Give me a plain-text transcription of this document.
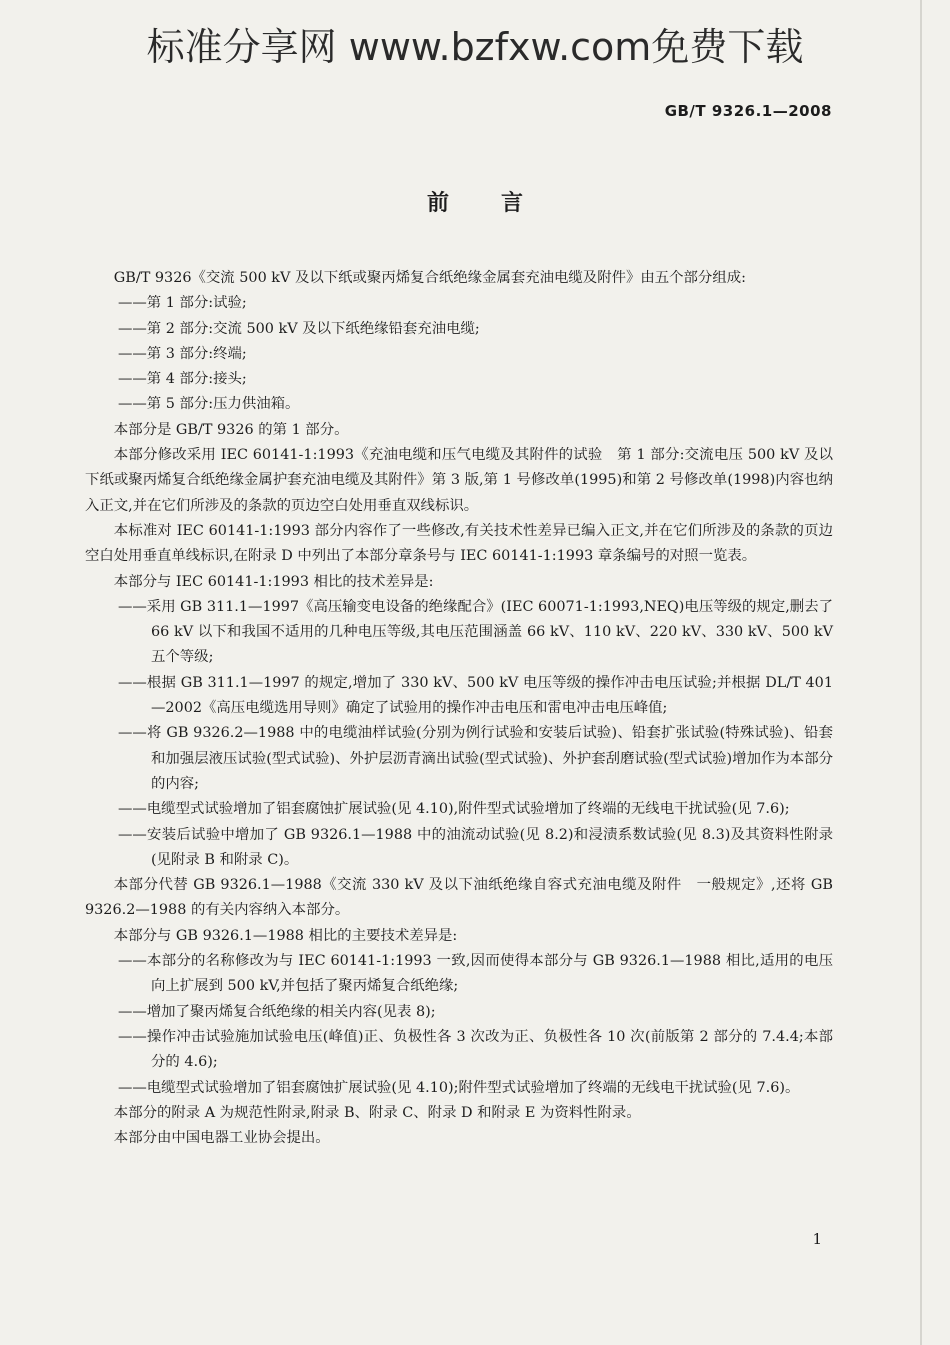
标准分享网 www.bzfxw.com免费下载
GB/T 9326.1—2008
前言

GB/T 9326《交流 500 kV 及以下纸或聚丙烯复合纸绝缘金属套充油电缆及附件》由五个部分组成:

——第 1 部分:试验;

——第 2 部分:交流 500 kV 及以下纸绝缘铅套充油电缆;

——第 3 部分:终端;

——第 4 部分:接头;

——第 5 部分:压力供油箱。

本部分是 GB/T 9326 的第 1 部分。

本部分修改采用 IEC 60141-1:1993《充油电缆和压气电缆及其附件的试验　第 1 部分:交流电压 500 kV 及以下纸或聚丙烯复合纸绝缘金属护套充油电缆及其附件》第 3 版,第 1 号修改单(1995)和第 2 号修改单(1998)内容也纳入正文,并在它们所涉及的条款的页边空白处用垂直双线标识。

本标准对 IEC 60141-1:1993 部分内容作了一些修改,有关技术性差异已编入正文,并在它们所涉及的条款的页边空白处用垂直单线标识,在附录 D 中列出了本部分章条号与 IEC 60141-1:1993 章条编号的对照一览表。

本部分与 IEC 60141-1:1993 相比的技术差异是:

——采用 GB 311.1—1997《高压输变电设备的绝缘配合》(IEC 60071-1:1993,NEQ)电压等级的规定,删去了 66 kV 以下和我国不适用的几种电压等级,其电压范围涵盖 66 kV、110 kV、220 kV、330 kV、500 kV 五个等级;

——根据 GB 311.1—1997 的规定,增加了 330 kV、500 kV 电压等级的操作冲击电压试验;并根据 DL/T 401—2002《高压电缆选用导则》确定了试验用的操作冲击电压和雷电冲击电压峰值;

——将 GB 9326.2—1988 中的电缆油样试验(分别为例行试验和安装后试验)、铅套扩张试验(特殊试验)、铅套和加强层液压试验(型式试验)、外护层沥青滴出试验(型式试验)、外护套刮磨试验(型式试验)增加作为本部分的内容;

——电缆型式试验增加了铝套腐蚀扩展试验(见 4.10),附件型式试验增加了终端的无线电干扰试验(见 7.6);

——安装后试验中增加了 GB 9326.1—1988 中的油流动试验(见 8.2)和浸渍系数试验(见 8.3)及其资料性附录(见附录 B 和附录 C)。

本部分代替 GB 9326.1—1988《交流 330 kV 及以下油纸绝缘自容式充油电缆及附件　一般规定》,还将 GB 9326.2—1988 的有关内容纳入本部分。

本部分与 GB 9326.1—1988 相比的主要技术差异是:

——本部分的名称修改为与 IEC 60141-1:1993 一致,因而使得本部分与 GB 9326.1—1988 相比,适用的电压向上扩展到 500 kV,并包括了聚丙烯复合纸绝缘;

——增加了聚丙烯复合纸绝缘的相关内容(见表 8);

——操作冲击试验施加试验电压(峰值)正、负极性各 3 次改为正、负极性各 10 次(前版第 2 部分的 7.4.4;本部分的 4.6);

——电缆型式试验增加了铝套腐蚀扩展试验(见 4.10);附件型式试验增加了终端的无线电干扰试验(见 7.6)。

本部分的附录 A 为规范性附录,附录 B、附录 C、附录 D 和附录 E 为资料性附录。

本部分由中国电器工业协会提出。

1
